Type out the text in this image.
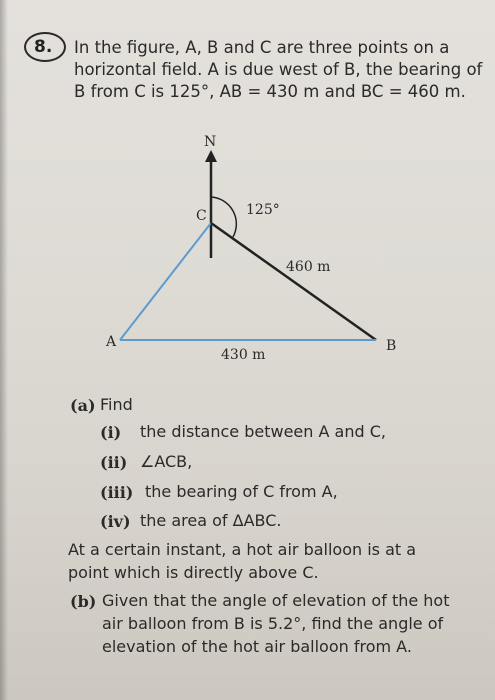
8. In the figure, A, B and C are three points on a
horizontal field. A is due west of B, the bearing of
B from C is 125°, AB = 430 m and BC = 460 m.
N
125°
C
A	B
460 m
430 m
(a) Find
(i) the distance between A and C,
(ii) ∠ACB,
(iii) the bearing of C from A,
(iv) the area of ΔABC.
At a certain instant, a hot air balloon is at a
point which is directly above C.
(b) Given that the angle of elevation of the hot
air balloon from B is 5.2°, find the angle of
elevation of the hot air balloon from A.
